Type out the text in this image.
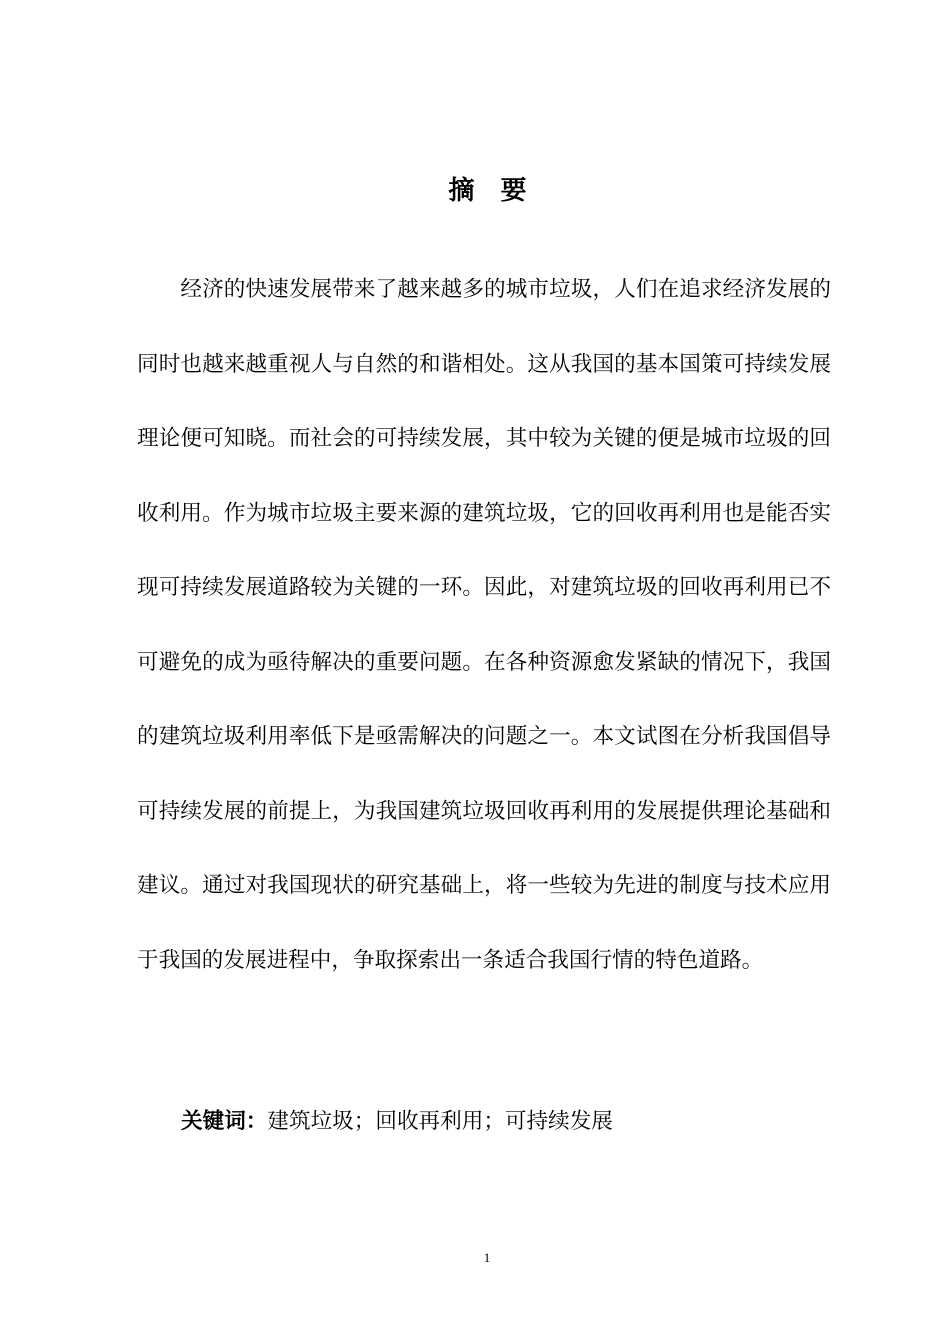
摘 要

经济的快速发展带来了越来越多的城市垃圾，人们在追求经济发展的同时也越来越重视人与自然的和谐相处。这从我国的基本国策可持续发展理论便可知晓。而社会的可持续发展，其中较为关键的便是城市垃圾的回收利用。作为城市垃圾主要来源的建筑垃圾，它的回收再利用也是能否实现可持续发展道路较为关键的一环。因此，对建筑垃圾的回收再利用已不可避免的成为亟待解决的重要问题。在各种资源愈发紧缺的情况下，我国的建筑垃圾利用率低下是亟需解决的问题之一。本文试图在分析我国倡导可持续发展的前提上，为我国建筑垃圾回收再利用的发展提供理论基础和建议。通过对我国现状的研究基础上，将一些较为先进的制度与技术应用于我国的发展进程中，争取探索出一条适合我国行情的特色道路。

关键词：建筑垃圾；回收再利用；可持续发展

1
